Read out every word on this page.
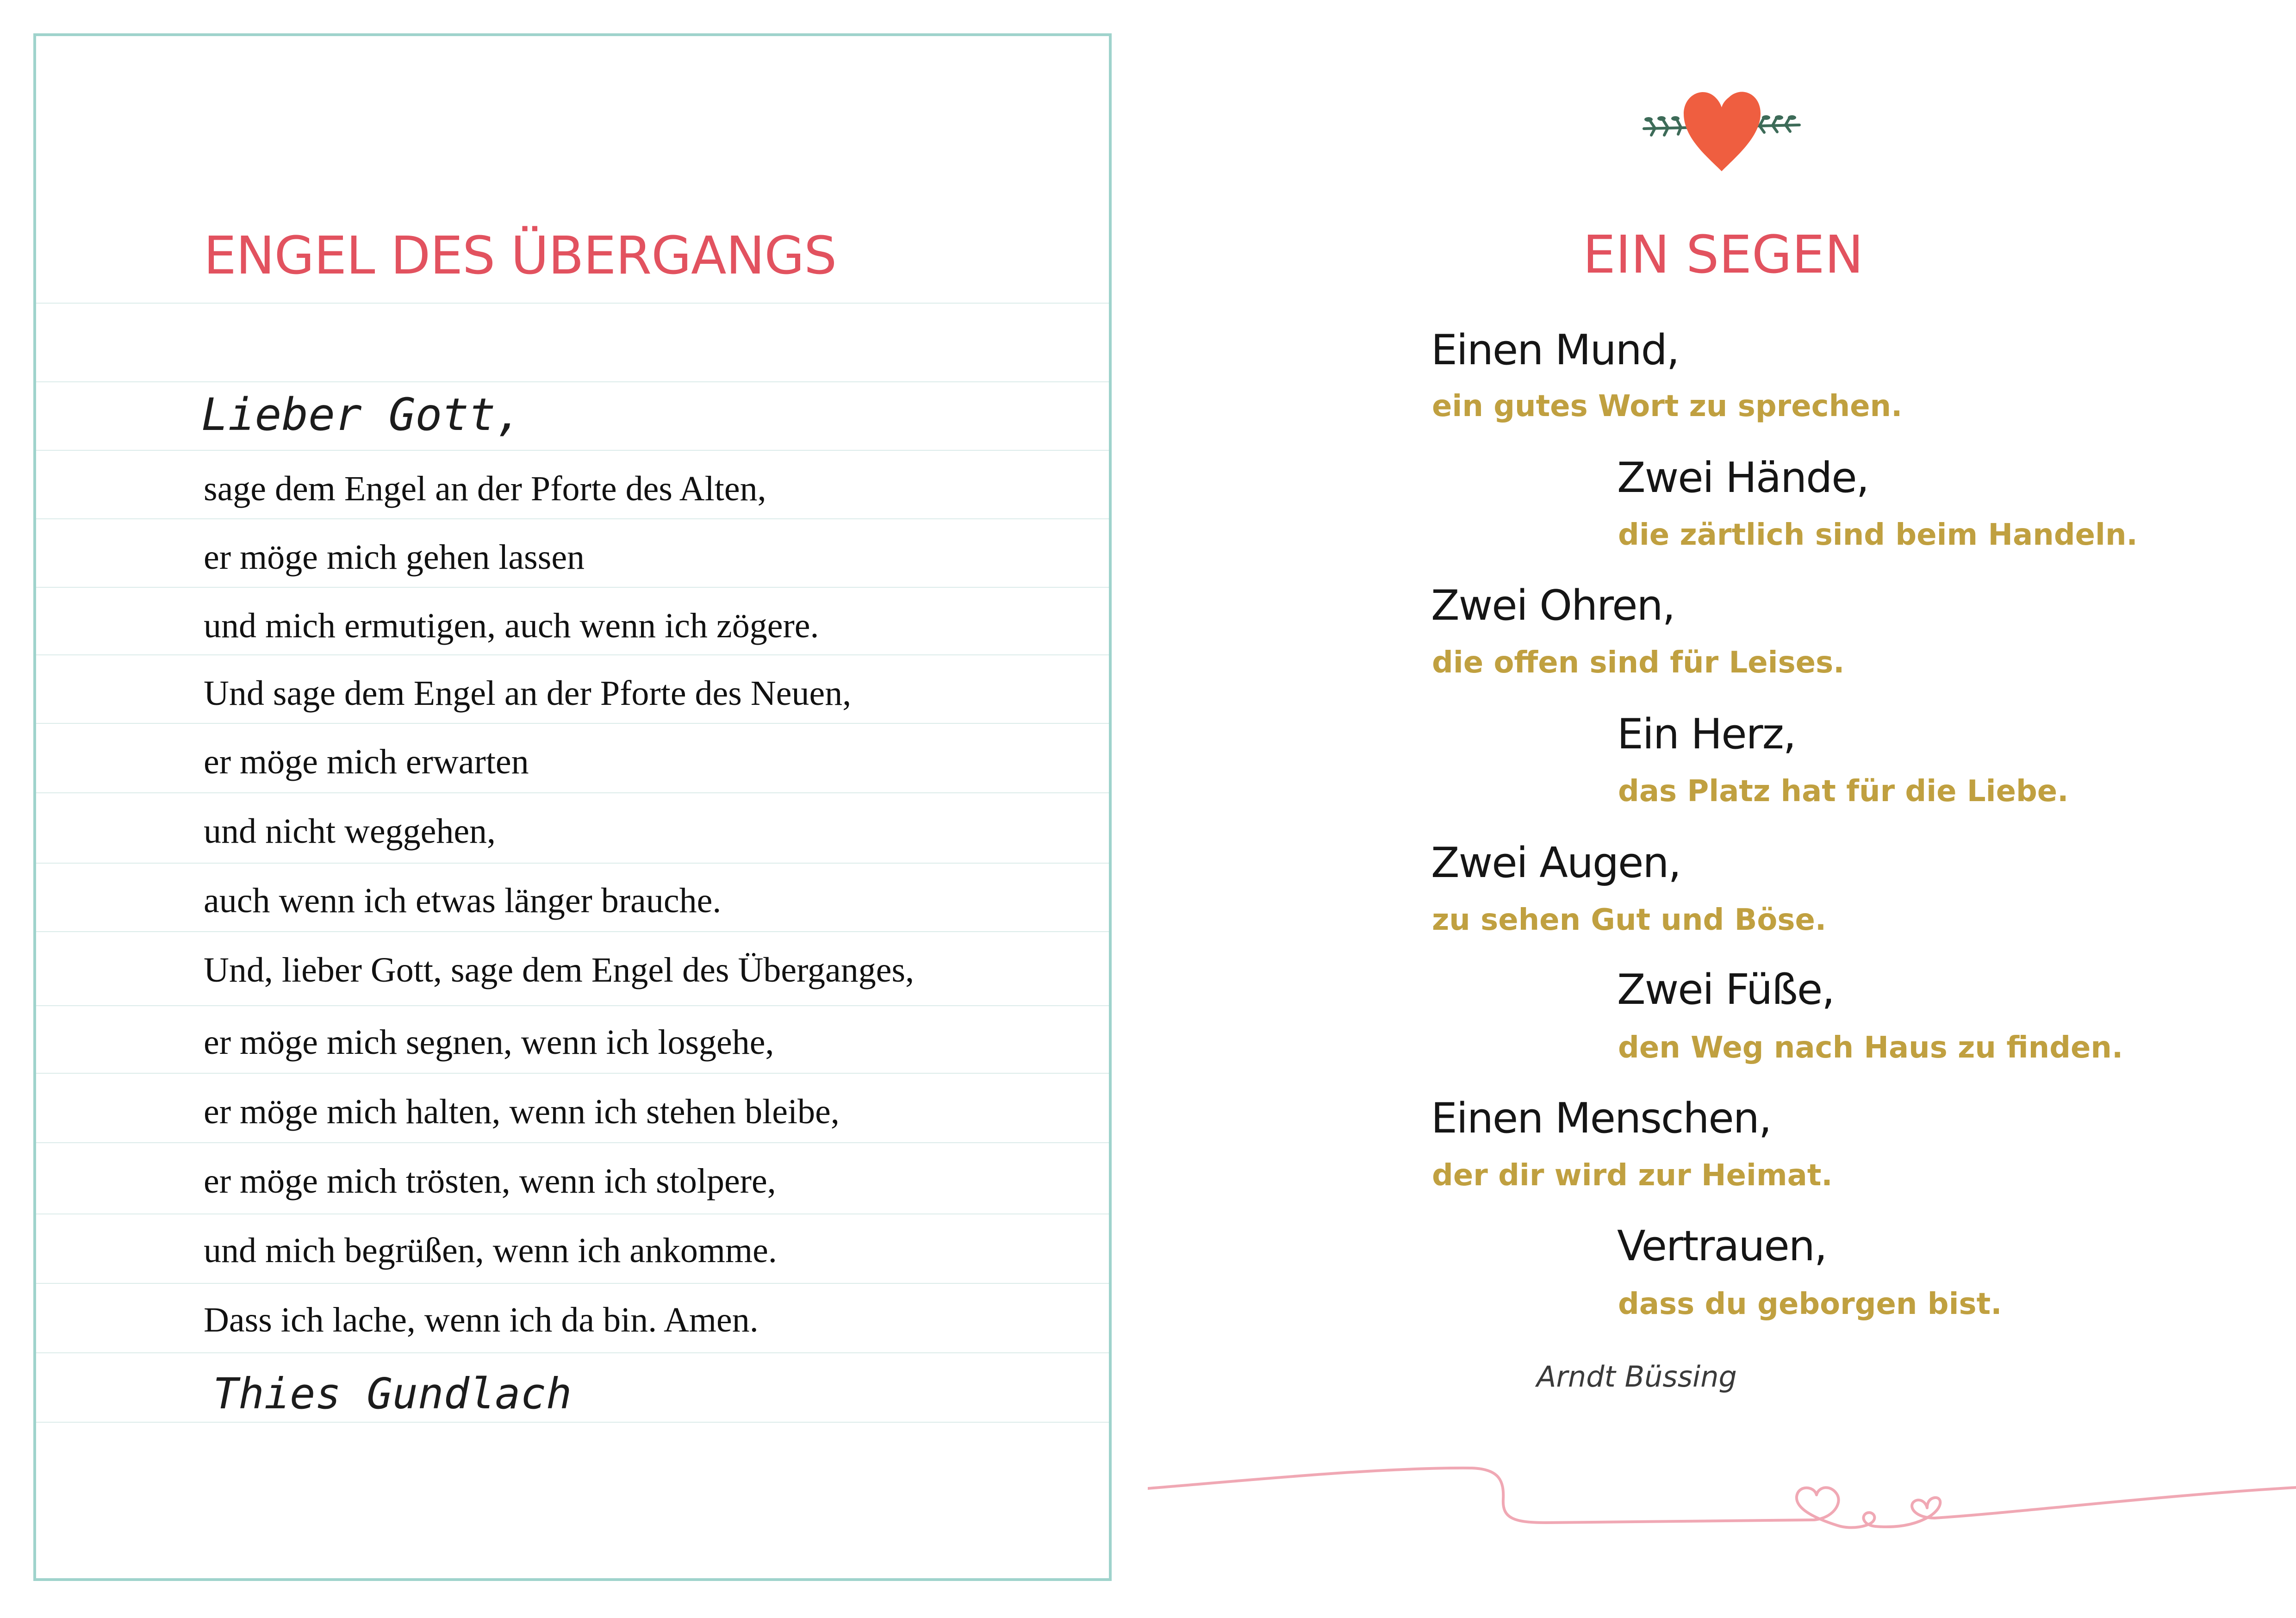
ENGEL DES ÜBERGANGS
Lieber Gott,
sage dem Engel an der Pforte des Alten,
er möge mich gehen lassen
und mich ermutigen, auch wenn ich zögere.
Und sage dem Engel an der Pforte des Neuen,
er möge mich erwarten
und nicht weggehen,
auch wenn ich etwas länger brauche.
Und, lieber Gott, sage dem Engel des Überganges,
er möge mich segnen, wenn ich losgehe,
er möge mich halten, wenn ich stehen bleibe,
er möge mich trösten, wenn ich stolpere,
und mich begrüßen, wenn ich ankomme.
Dass ich lache, wenn ich da bin. Amen.
Thies Gundlach
EIN SEGEN
Einen Mund,
ein gutes Wort zu sprechen.
Zwei Hände,
die zärtlich sind beim Handeln.
Zwei Ohren,
die offen sind für Leises.
Ein Herz,
das Platz hat für die Liebe.
Zwei Augen,
zu sehen Gut und Böse.
Zwei Füße,
den Weg nach Haus zu finden.
Einen Menschen,
der dir wird zur Heimat.
Vertrauen,
dass du geborgen bist.
Arndt Büssing
